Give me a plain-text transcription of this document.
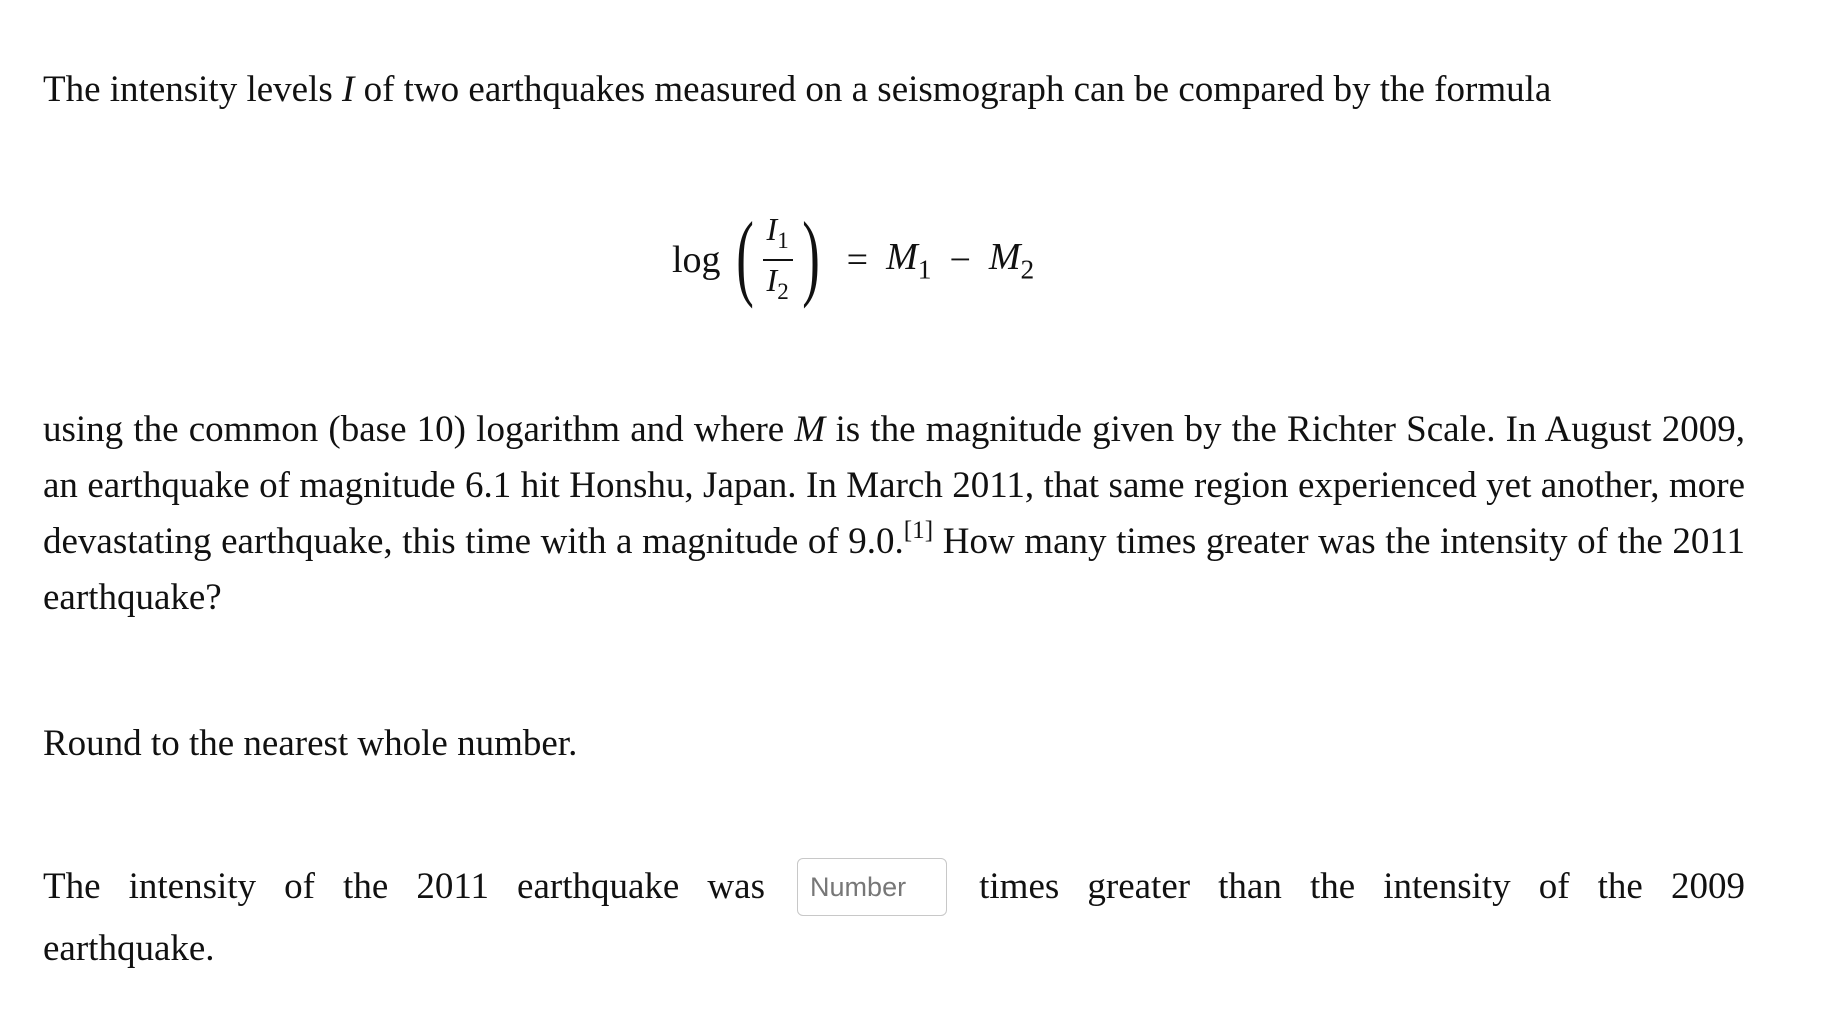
The intensity levels I of two earthquakes measured on a seismograph can be compared by the formula
log ( $\frac{I_1}{I_2}$ ) = $M_1 - M_2$
using the common (base 10) logarithm and where M is the magnitude given by the Richter Scale. In August 2009, an earthquake of magnitude 6.1 hit Honshu, Japan. In March 2011, that same region experienced yet another, more devastating earthquake, this time with a magnitude of 9.0.[1] How many times greater was the intensity of the 2011 earthquake?
Round to the nearest whole number.
The intensity of the 2011 earthquake was
Number	times greater than the intensity of the 2009
earthquake.
